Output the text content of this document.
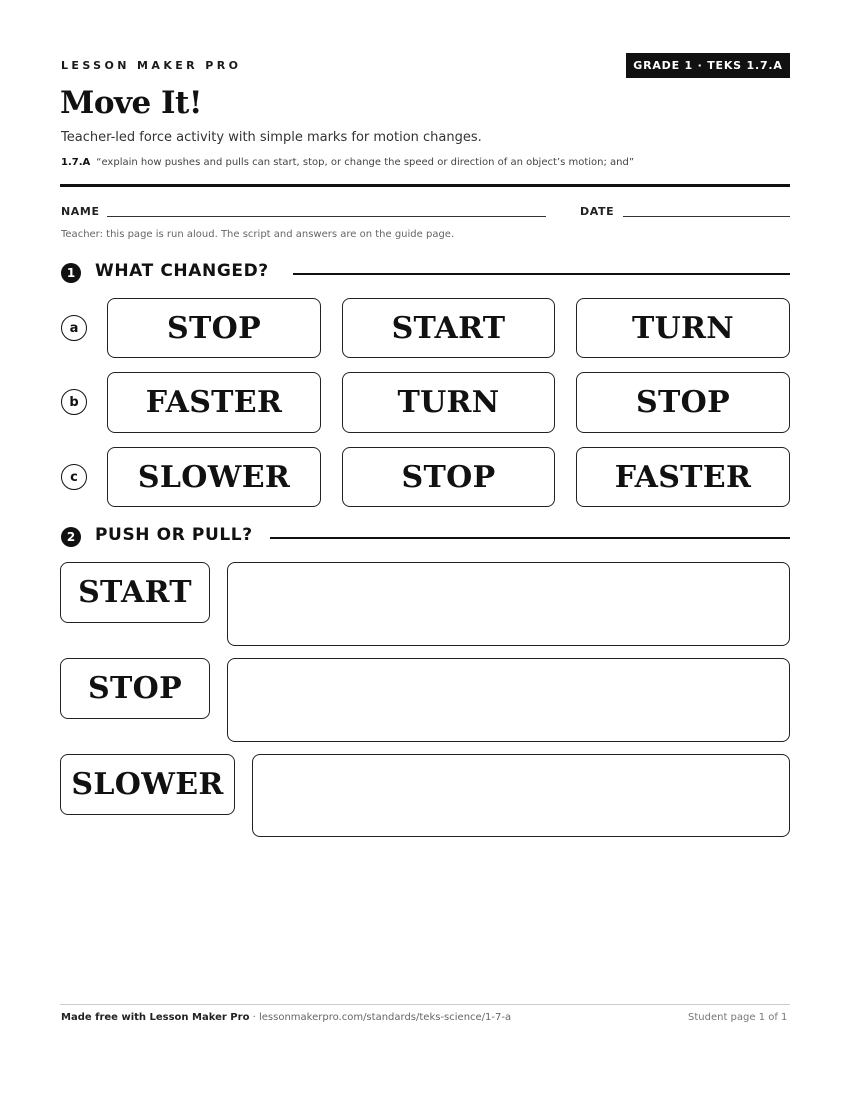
LESSON MAKER PRO	GRADE 1 · TEKS 1.7.A
Move It!
Teacher-led force activity with simple marks for motion changes.
1.7.A “explain how pushes and pulls can start, stop, or change the speed or direction of an object’s motion; and”
NAME	DATE
Teacher: this page is run aloud. The script and answers are on the guide page.
1	WHAT CHANGED?
a	STOP	START	TURN
b	FASTER	TURN	STOP
c	SLOWER	STOP	FASTER
2	PUSH OR PULL?
START
STOP
SLOWER
Made free with Lesson Maker Pro · lessonmakerpro.com/standards/teks-science/1-7-a	Student page 1 of 1
